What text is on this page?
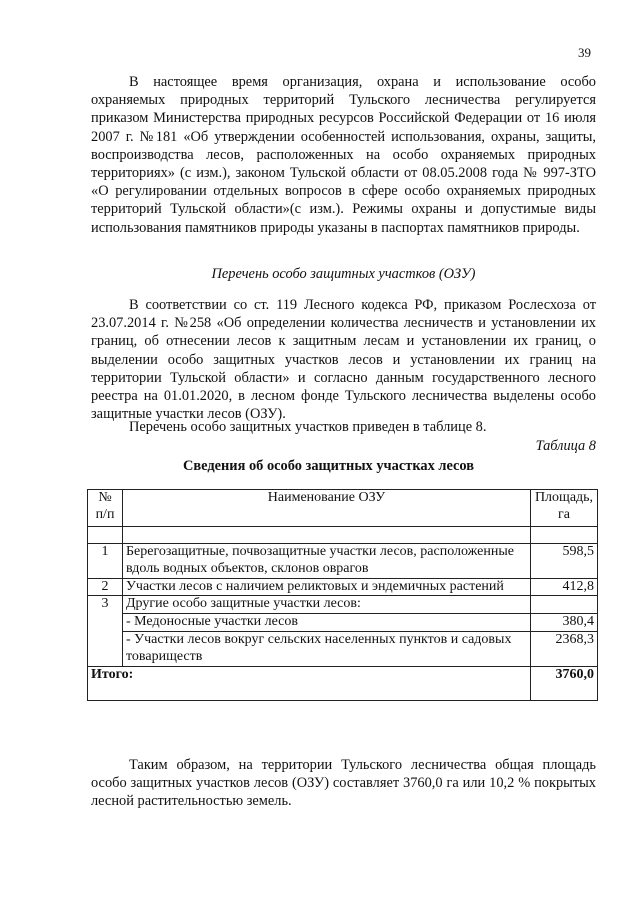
39

В настоящее время организация, охрана и использование особо охраняемых природных территорий Тульского лесничества регулируется приказом Министерства природных ресурсов Российской Федерации от 16 июля 2007 г. №181 «Об утверждении особенностей использования, охраны, защиты, воспроизводства лесов, расположенных на особо охраняемых природных территориях» (с изм.), законом Тульской области от 08.05.2008 года № 997-ЗТО «О регулировании отдельных вопросов в сфере особо охраняемых природных территорий Тульской области»(с изм.). Режимы охраны и допустимые виды использования памятников природы указаны в паспортах памятников природы.

Перечень особо защитных участков (ОЗУ)

В соответствии со ст. 119 Лесного кодекса РФ, приказом Рослесхоза от 23.07.2014 г. №258 «Об определении количества лесничеств и установлении их границ, об отнесении лесов к защитным лесам и установлении их границ, о выделении особо защитных участков лесов и установлении их границ на территории Тульской области» и согласно данным государственного лесного реестра на 01.01.2020, в лесном фонде Тульского лесничества выделены особо защитные участки лесов (ОЗУ).

Перечень особо защитных участков приведен в таблице 8.

Таблица 8

Сведения об особо защитных участках лесов

№ п/п	Наименование ОЗУ	Площадь, га

1	Берегозащитные, почвозащитные участки лесов, расположенные вдоль водных объектов, склонов оврагов	598,5
2	Участки лесов с наличием реликтовых и эндемичных растений	412,8
3	Другие особо защитные участки лесов:	
	- Медоносные участки лесов	380,4
	- Участки лесов вокруг сельских населенных пунктов и садовых товариществ	2368,3
Итого:		3760,0

Таким образом, на территории Тульского лесничества общая площадь особо защитных участков лесов (ОЗУ) составляет 3760,0 га или 10,2 % покрытых лесной растительностью земель.
